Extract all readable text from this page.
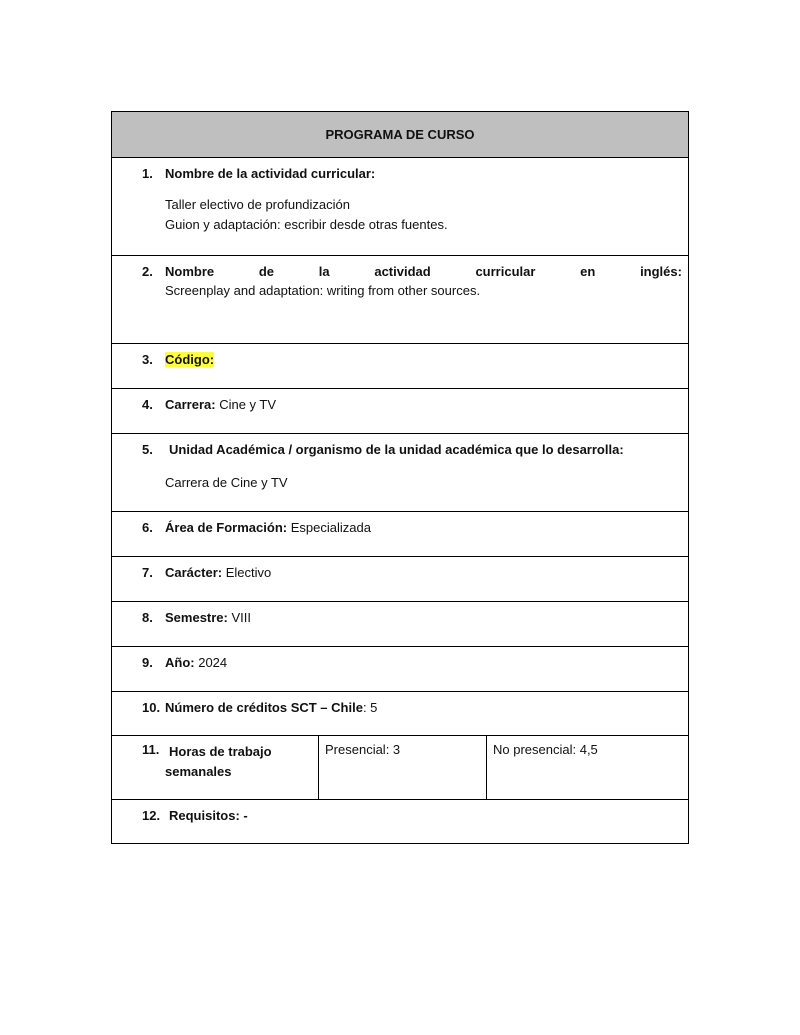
PROGRAMA DE CURSO
1. Nombre de la actividad curricular:
Taller electivo de profundización
Guion y adaptación: escribir desde otras fuentes.
2. Nombre	de	la	actividad	curricular	en	inglés:
Screenplay and adaptation: writing from other sources.
3. Código:
4. Carrera: Cine y TV
5. Unidad Académica / organismo de la unidad académica que lo desarrolla:
Carrera de Cine y TV
6. Área de Formación: Especializada
7. Carácter: Electivo
8. Semestre: VIII
9. Año: 2024
10. Número de créditos SCT – Chile: 5
11. Horas de trabajo
semanales
Presencial: 3	No presencial: 4,5
12. Requisitos: -
